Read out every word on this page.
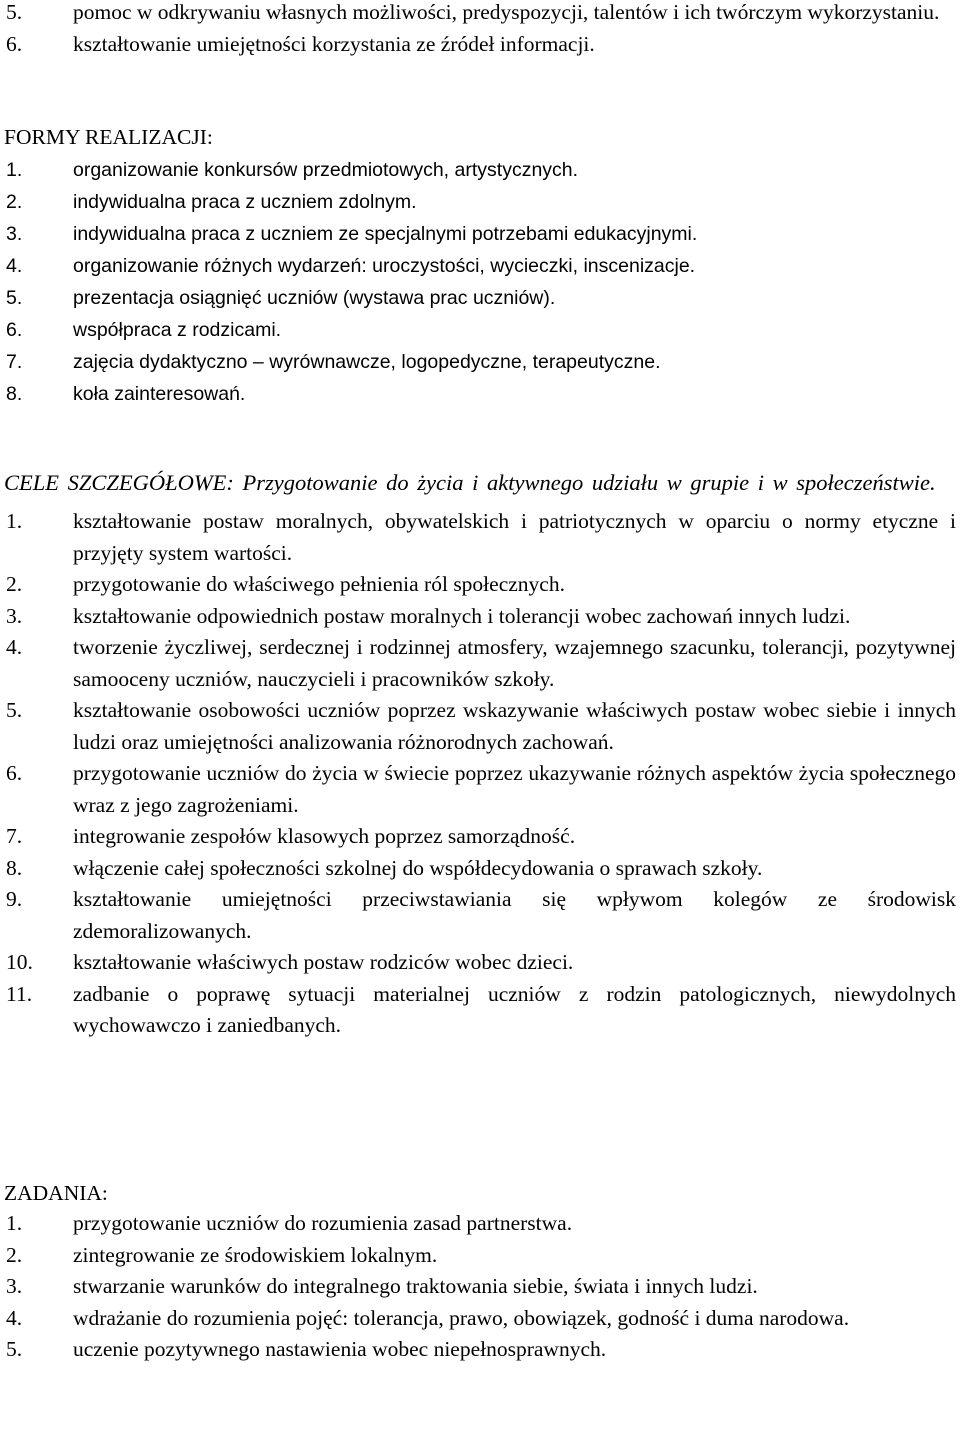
5.	pomoc w odkrywaniu własnych możliwości, predyspozycji, talentów i ich twórczym wykorzystaniu.
6.	kształtowanie umiejętności korzystania ze źródeł informacji.
FORMY REALIZACJI:
1.	organizowanie konkursów przedmiotowych, artystycznych.
2.	indywidualna praca z uczniem zdolnym.
3.	indywidualna praca z uczniem ze specjalnymi potrzebami edukacyjnymi.
4.	organizowanie różnych wydarzeń: uroczystości, wycieczki, inscenizacje.
5.	prezentacja osiągnięć uczniów (wystawa prac uczniów).
6.	współpraca z rodzicami.
7.	zajęcia dydaktyczno – wyrównawcze, logopedyczne, terapeutyczne.
8.	koła zainteresowań.

CELE SZCZEGÓŁOWE: Przygotowanie do życia i aktywnego udziału w grupie i w społeczeństwie.

1.	kształtowanie postaw moralnych, obywatelskich i patriotycznych w oparciu o normy etyczne i przyjęty system wartości.
2.	przygotowanie do właściwego pełnienia ról społecznych.
3.	kształtowanie odpowiednich postaw moralnych i tolerancji wobec zachowań innych ludzi.
4.	tworzenie życzliwej, serdecznej i rodzinnej atmosfery, wzajemnego szacunku, tolerancji, pozytywnej samooceny uczniów, nauczycieli i pracowników szkoły.
5.	kształtowanie osobowości uczniów poprzez wskazywanie właściwych postaw wobec siebie i innych ludzi oraz umiejętności analizowania różnorodnych zachowań.
6.	przygotowanie uczniów do życia w świecie poprzez ukazywanie różnych aspektów życia społecznego wraz z jego zagrożeniami.
7.	integrowanie zespołów klasowych poprzez samorządność.
8.	włączenie całej społeczności szkolnej do współdecydowania o sprawach szkoły.
9.	kształtowanie umiejętności przeciwstawiania się wpływom kolegów ze środowisk zdemoralizowanych.
10.	kształtowanie właściwych postaw rodziców wobec dzieci.
11.	zadbanie o poprawę sytuacji materialnej uczniów z rodzin patologicznych, niewydolnych wychowawczo i zaniedbanych.
ZADANIA:
1.	przygotowanie uczniów do rozumienia zasad partnerstwa.
2.	zintegrowanie ze środowiskiem lokalnym.
3.	stwarzanie warunków do integralnego traktowania siebie, świata i innych ludzi.
4.	wdrażanie do rozumienia pojęć: tolerancja, prawo, obowiązek, godność i duma narodowa.
5.	uczenie pozytywnego nastawienia wobec niepełnosprawnych.
